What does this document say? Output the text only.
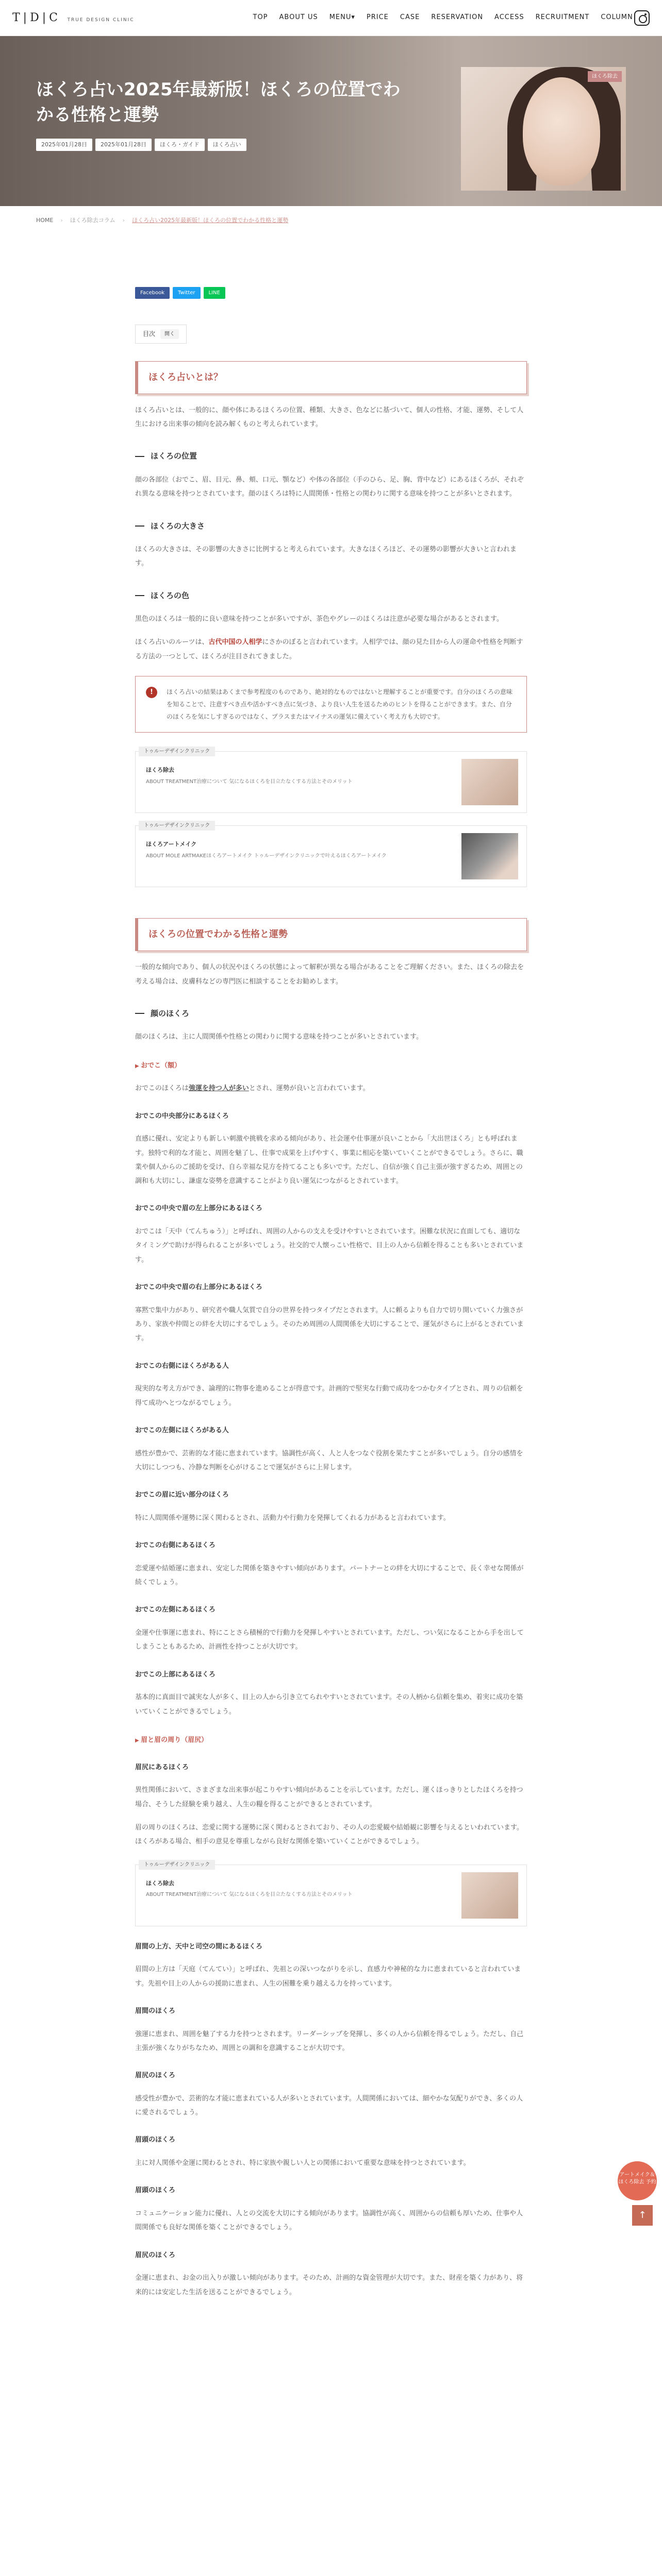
T|D|C TRUE DESIGN CLINIC	TOP ABOUT US MENU▾ PRICE CASE RESERVATION ACCESS RECRUITMENT COLUMN
ほくろ占い2025年最新版！ほくろの位置でわかる性格と運勢
2025年01月28日	2025年01月28日	ほくろ・ガイド	ほくろ占い
ほくろ除去
HOME › ほくろ除去コラム › ほくろ占い2025年最新版！ほくろの位置でわかる性格と運勢
Facebook	Twitter	LINE
目次	開く
ほくろ占いとは？

ほくろ占いとは、一般的に、顔や体にあるほくろの位置、種類、大きさ、色などに基づいて、個人の性格、才能、運勢、そして人生における出来事の傾向を読み解くものと考えられています。

ほくろの位置

顔の各部位（おでこ、眉、目元、鼻、頬、口元、顎など）や体の各部位（手のひら、足、胸、背中など）にあるほくろが、それぞれ異なる意味を持つとされています。顔のほくろは特に人間関係・性格との関わりに関する意味を持つことが多いとされます。

ほくろの大きさ

ほくろの大きさは、その影響の大きさに比例すると考えられています。大きなほくろほど、その運勢の影響が大きいと言われます。

ほくろの色

黒色のほくろは一般的に良い意味を持つことが多いですが、茶色やグレーのほくろは注意が必要な場合があるとされます。

ほくろ占いのルーツは、古代中国の人相学にさかのぼると言われています。人相学では、顔の見た目から人の運命や性格を判断する方法の一つとして、ほくろが注目されてきました。

!	ほくろ占いの結果はあくまで参考程度のものであり、絶対的なものではないと理解することが重要です。自分のほくろの意味を知ることで、注意すべき点や活かすべき点に気づき、より良い人生を送るためのヒントを得ることができます。また、自分のほくろを気にしすぎるのではなく、プラスまたはマイナスの運気に備えていく考え方も大切です。
トゥルーデザインクリニック
ほくろ除去
ABOUT TREATMENT治療について 気になるほくろを目立たなくする方法とそのメリット
トゥルーデザインクリニック
ほくろアートメイク
ABOUT MOLE ARTMAKEほくろアートメイク トゥルーデザインクリニックで叶えるほくろアートメイク
ほくろの位置でわかる性格と運勢

一般的な傾向であり、個人の状況やほくろの状態によって解釈が異なる場合があることをご理解ください。また、ほくろの除去を考える場合は、皮膚科などの専門医に相談することをお勧めします。

顔のほくろ

顔のほくろは、主に人間関係や性格との関わりに関する意味を持つことが多いとされています。

▶ おでこ（額）

おでこのほくろは強運を持つ人が多いとされ、運勢が良いと言われています。

おでこの中央部分にあるほくろ

直感に優れ、安定よりも新しい刺激や挑戦を求める傾向があり、社会運や仕事運が良いことから「大出世ほくろ」とも呼ばれます。独特で利的な才能と、周囲を魅了し、仕事で成果を上げやすく、事業に相応を築いていくことができるでしょう。さらに、職業や個人からのご援助を受け、自ら幸福な見方を持てることも多いです。ただし、自信が強く自己主張が強すぎるため、周囲との調和も大切にし、謙虚な姿勢を意識することがより良い運気につながるとされています。

おでこの中央で眉の左上部分にあるほくろ

おでこは「天中（てんちゅう）」と呼ばれ、周囲の人からの支えを受けやすいとされています。困難な状況に直面しても、適切なタイミングで助けが得られることが多いでしょう。社交的で人懐っこい性格で、目上の人から信頼を得ることも多いとされています。

おでこの中央で眉の右上部分にあるほくろ

寡黙で集中力があり、研究者や職人気質で自分の世界を持つタイプだとされます。人に頼るよりも自力で切り開いていく力強さがあり、家族や仲間との絆を大切にするでしょう。そのため周囲の人間関係を大切にすることで、運気がさらに上がるとされています。

おでこの右側にほくろがある人

現実的な考え方ができ、論理的に物事を進めることが得意です。計画的で堅実な行動で成功をつかむタイプとされ、周りの信頼を得て成功へとつながるでしょう。

おでこの左側にほくろがある人

感性が豊かで、芸術的な才能に恵まれています。協調性が高く、人と人をつなぐ役割を果たすことが多いでしょう。自分の感情を大切にしつつも、冷静な判断を心がけることで運気がさらに上昇します。

おでこの眉に近い部分のほくろ

特に人間関係や運勢に深く関わるとされ、活動力や行動力を発揮してくれる力があると言われています。

おでこの右側にあるほくろ

恋愛運や結婚運に恵まれ、安定した関係を築きやすい傾向があります。パートナーとの絆を大切にすることで、長く幸せな関係が続くでしょう。

おでこの左側にあるほくろ

金運や仕事運に恵まれ、特にことさら積極的で行動力を発揮しやすいとされています。ただし、つい気になることから手を出してしまうこともあるため、計画性を持つことが大切です。

おでこの上部にあるほくろ

基本的に真面目で誠実な人が多く、目上の人から引き立てられやすいとされています。その人柄から信頼を集め、着実に成功を築いていくことができるでしょう。

▶ 眉と眉の周り（眉尻）
眉尻にあるほくろ

異性関係において、さまざまな出来事が起こりやすい傾向があることを示しています。ただし、運くほっきりとしたほくろを持つ場合、そうした経験を乗り越え、人生の糧を得ることができるとされています。

眉の周りのほくろは、恋愛に関する運勢に深く関わるとされており、その人の恋愛観や結婚観に影響を与えるといわれています。ほくろがある場合、相手の意見を尊重しながら良好な関係を築いていくことができるでしょう。

トゥルーデザインクリニック
ほくろ除去
ABOUT TREATMENT治療について 気になるほくろを目立たなくする方法とそのメリット
眉間の上方、天中と司空の間にあるほくろ

眉間の上方は「天庭（てんてい）」と呼ばれ、先祖との深いつながりを示し、直感力や神秘的な力に恵まれていると言われています。先祖や目上の人からの援助に恵まれ、人生の困難を乗り越える力を持っています。

眉間のほくろ

強運に恵まれ、周囲を魅了する力を持つとされます。リーダーシップを発揮し、多くの人から信頼を得るでしょう。ただし、自己主張が強くなりがちなため、周囲との調和を意識することが大切です。

眉尻のほくろ

感受性が豊かで、芸術的な才能に恵まれている人が多いとされています。人間関係においては、細やかな気配りができ、多くの人に愛されるでしょう。

眉頭のほくろ

主に対人関係や金運に関わるとされ、特に家族や親しい人との関係において重要な意味を持つとされています。

眉頭のほくろ

コミュニケーション能力に優れ、人との交流を大切にする傾向があります。協調性が高く、周囲からの信頼も厚いため、仕事や人間関係でも良好な関係を築くことができるでしょう。

眉尻のほくろ

金運に恵まれ、お金の出入りが激しい傾向があります。そのため、計画的な資金管理が大切です。また、財産を築く力があり、将来的には安定した生活を送ることができるでしょう。

アートメイク＆ほくろ除去 予約
↑
